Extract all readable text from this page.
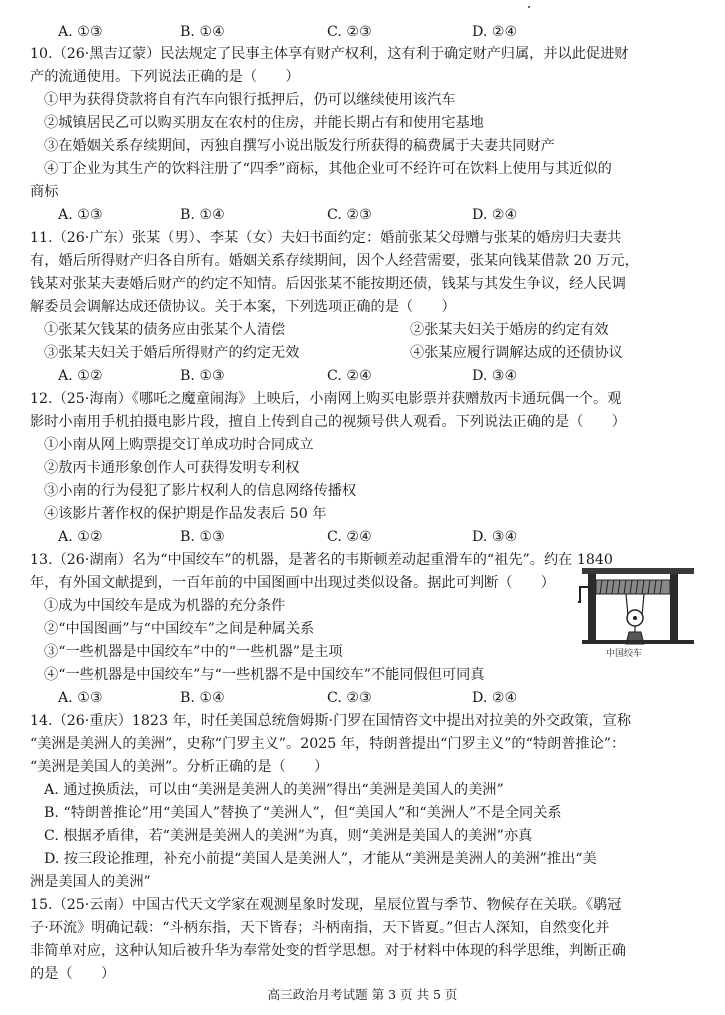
A. ①③	B. ①④	C. ②③	D. ②④
10.（26·黑吉辽蒙）民法规定了民事主体享有财产权利，这有利于确定财产归属，并以此促进财
产的流通使用。下列说法正确的是（　　）
①甲为获得贷款将自有汽车向银行抵押后，仍可以继续使用该汽车
②城镇居民乙可以购买朋友在农村的住房，并能长期占有和使用宅基地
③在婚姻关系存续期间，丙独自撰写小说出版发行所获得的稿费属于夫妻共同财产
④丁企业为其生产的饮料注册了“四季”商标，其他企业可不经许可在饮料上使用与其近似的
商标
A. ①③	B. ①④	C. ②③	D. ②④
11.（26·广东）张某（男）、李某（女）夫妇书面约定：婚前张某父母赠与张某的婚房归夫妻共
有，婚后所得财产归各自所有。婚姻关系存续期间，因个人经营需要，张某向钱某借款 20 万元，
钱某对张某夫妻婚后财产的约定不知情。后因张某不能按期还债，钱某与其发生争议，经人民调
解委员会调解达成还债协议。关于本案，下列选项正确的是（　　）
①张某欠钱某的债务应由张某个人清偿	②张某夫妇关于婚房的约定有效
③张某夫妇关于婚后所得财产的约定无效	④张某应履行调解达成的还债协议
A. ①②	B. ①③	C. ②④	D. ③④
12.（25·海南）《哪吒之魔童闹海》上映后，小南网上购买电影票并获赠敖丙卡通玩偶一个。观
影时小南用手机拍摄电影片段，擅自上传到自己的视频号供人观看。下列说法正确的是（　　）
①小南从网上购票提交订单成功时合同成立
②敖丙卡通形象创作人可获得发明专利权
③小南的行为侵犯了影片权利人的信息网络传播权
④该影片著作权的保护期是作品发表后 50 年
A. ①②	B. ①③	C. ②④	D. ③④
13.（26·湖南）名为“中国绞车”的机器，是著名的韦斯顿差动起重滑车的“祖先”。约在 1840
年，有外国文献提到，一百年前的中国图画中出现过类似设备。据此可判断（　　）
①成为中国绞车是成为机器的充分条件
②“中国图画”与“中国绞车”之间是种属关系
③“一些机器是中国绞车”中的“一些机器”是主项
④“一些机器是中国绞车”与“一些机器不是中国绞车”不能同假但可同真
中国绞车
A. ①③	B. ①④	C. ②③	D. ②④
14.（26·重庆）1823 年，时任美国总统詹姆斯·门罗在国情咨文中提出对拉美的外交政策，宣称
“美洲是美洲人的美洲”，史称“门罗主义”。2025 年，特朗普提出“门罗主义”的“特朗普推论”：
“美洲是美国人的美洲”。分析正确的是（　　）
A. 通过换质法，可以由“美洲是美洲人的美洲”得出“美洲是美国人的美洲”
B. “特朗普推论”用“美国人”替换了“美洲人”，但“美国人”和“美洲人”不是全同关系
C. 根据矛盾律，若“美洲是美洲人的美洲”为真，则“美洲是美国人的美洲”亦真
D. 按三段论推理，补充小前提“美国人是美洲人”，才能从“美洲是美洲人的美洲”推出“美
洲是美国人的美洲”
15.（25·云南）中国古代天文学家在观测星象时发现，星辰位置与季节、物候存在关联。《鹖冠
子·环流》明确记载：“斗柄东指，天下皆春；斗柄南指，天下皆夏。”但古人深知，自然变化并
非简单对应，这种认知后被升华为奉常处变的哲学思想。对于材料中体现的科学思维，判断正确
的是（　　）
高三政治月考试题 第 3 页 共 5 页
